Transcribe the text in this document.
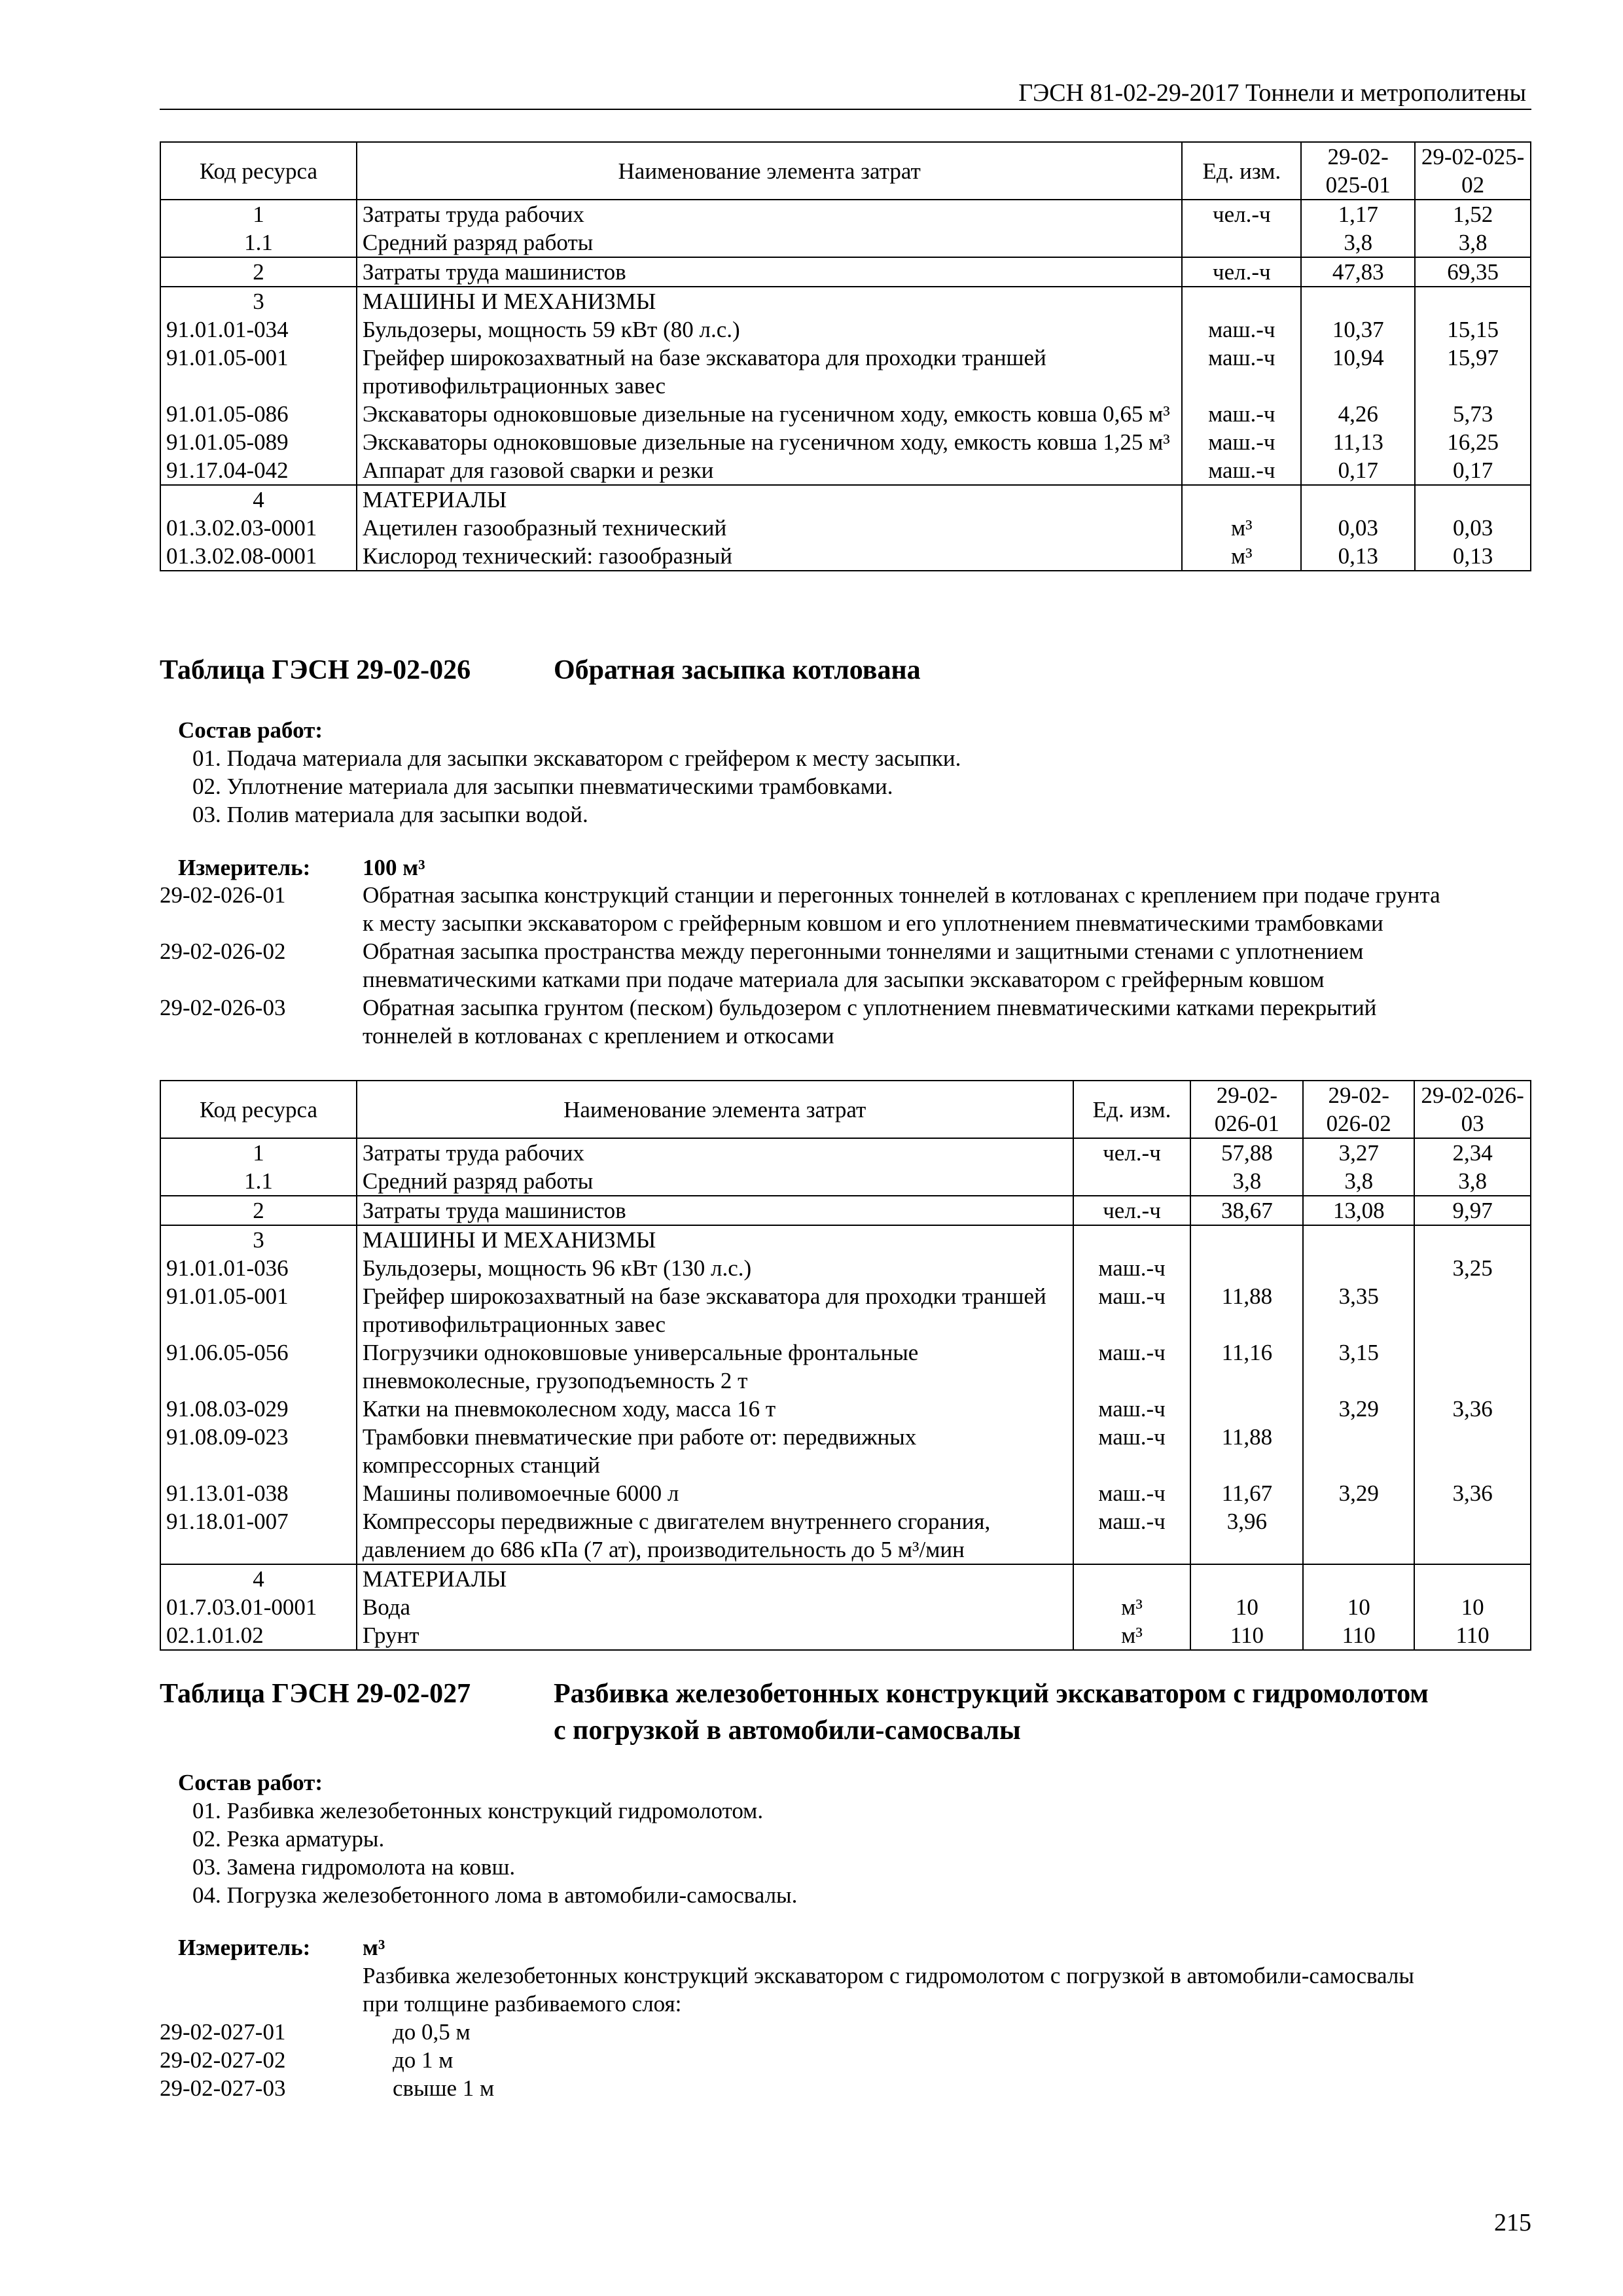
ГЭСН 81-02-29-2017 Тоннели и метрополитены
Код ресурса	Наименование элемента затрат	Ед. изм.	29-02-025-01	29-02-025-02
1	Затраты труда рабочих	чел.-ч	1,17	1,52
1.1	Средний разряд работы		3,8	3,8
2	Затраты труда машинистов	чел.-ч	47,83	69,35
3	МАШИНЫ И МЕХАНИЗМЫ			
91.01.01-034	Бульдозеры, мощность 59 кВт (80 л.с.)	маш.-ч	10,37	15,15
91.01.05-001	Грейфер широкозахватный на базе экскаватора для проходки траншей противофильтрационных завес	маш.-ч	10,94	15,97
91.01.05-086	Экскаваторы одноковшовые дизельные на гусеничном ходу, емкость ковша 0,65 м³	маш.-ч	4,26	5,73
91.01.05-089	Экскаваторы одноковшовые дизельные на гусеничном ходу, емкость ковша 1,25 м³	маш.-ч	11,13	16,25
91.17.04-042	Аппарат для газовой сварки и резки	маш.-ч	0,17	0,17
4	МАТЕРИАЛЫ			
01.3.02.03-0001	Ацетилен газообразный технический	м³	0,03	0,03
01.3.02.08-0001	Кислород технический: газообразный	м³	0,13	0,13
Таблица ГЭСН 29-02-026	Обратная засыпка котлована
Состав работ:
01. Подача материала для засыпки экскаватором с грейфером к месту засыпки.
02. Уплотнение материала для засыпки пневматическими трамбовками.
03. Полив материала для засыпки водой.
Измеритель: 100 м³
29-02-026-01	Обратная засыпка конструкций станции и перегонных тоннелей в котлованах с креплением при подаче грунта
к месту засыпки экскаватором с грейферным ковшом и его уплотнением пневматическими трамбовками
29-02-026-02	Обратная засыпка пространства между перегонными тоннелями и защитными стенами с уплотнением
пневматическими катками при подаче материала для засыпки экскаватором с грейферным ковшом
29-02-026-03	Обратная засыпка грунтом (песком) бульдозером с уплотнением пневматическими катками перекрытий
тоннелей в котлованах с креплением и откосами
Код ресурса	Наименование элемента затрат	Ед. изм.	29-02-026-01	29-02-026-02	29-02-026-03
1	Затраты труда рабочих	чел.-ч	57,88	3,27	2,34
1.1	Средний разряд работы		3,8	3,8	3,8
2	Затраты труда машинистов	чел.-ч	38,67	13,08	9,97
3	МАШИНЫ И МЕХАНИЗМЫ				
91.01.01-036	Бульдозеры, мощность 96 кВт (130 л.с.)	маш.-ч			3,25
91.01.05-001	Грейфер широкозахватный на базе экскаватора для проходки траншей противофильтрационных завес	маш.-ч	11,88	3,35	
91.06.05-056	Погрузчики одноковшовые универсальные фронтальные пневмоколесные, грузоподъемность 2 т	маш.-ч	11,16	3,15	
91.08.03-029	Катки на пневмоколесном ходу, масса 16 т	маш.-ч		3,29	3,36
91.08.09-023	Трамбовки пневматические при работе от: передвижных компрессорных станций	маш.-ч	11,88		
91.13.01-038	Машины поливомоечные 6000 л	маш.-ч	11,67	3,29	3,36
91.18.01-007	Компрессоры передвижные с двигателем внутреннего сгорания, давлением до 686 кПа (7 ат), производительность до 5 м³/мин	маш.-ч	3,96		
4	МАТЕРИАЛЫ				
01.7.03.01-0001	Вода	м³	10	10	10
02.1.01.02	Грунт	м³	110	110	110
Таблица ГЭСН 29-02-027	Разбивка железобетонных конструкций экскаватором с гидромолотом
с погрузкой в автомобили-самосвалы
Состав работ:
01. Разбивка железобетонных конструкций гидромолотом.
02. Резка арматуры.
03. Замена гидромолота на ковш.
04. Погрузка железобетонного лома в автомобили-самосвалы.
Измеритель: м³
Разбивка железобетонных конструкций экскаватором с гидромолотом с погрузкой в автомобили-самосвалы
при толщине разбиваемого слоя:
29-02-027-01	до 0,5 м
29-02-027-02	до 1 м
29-02-027-03	свыше 1 м
215
